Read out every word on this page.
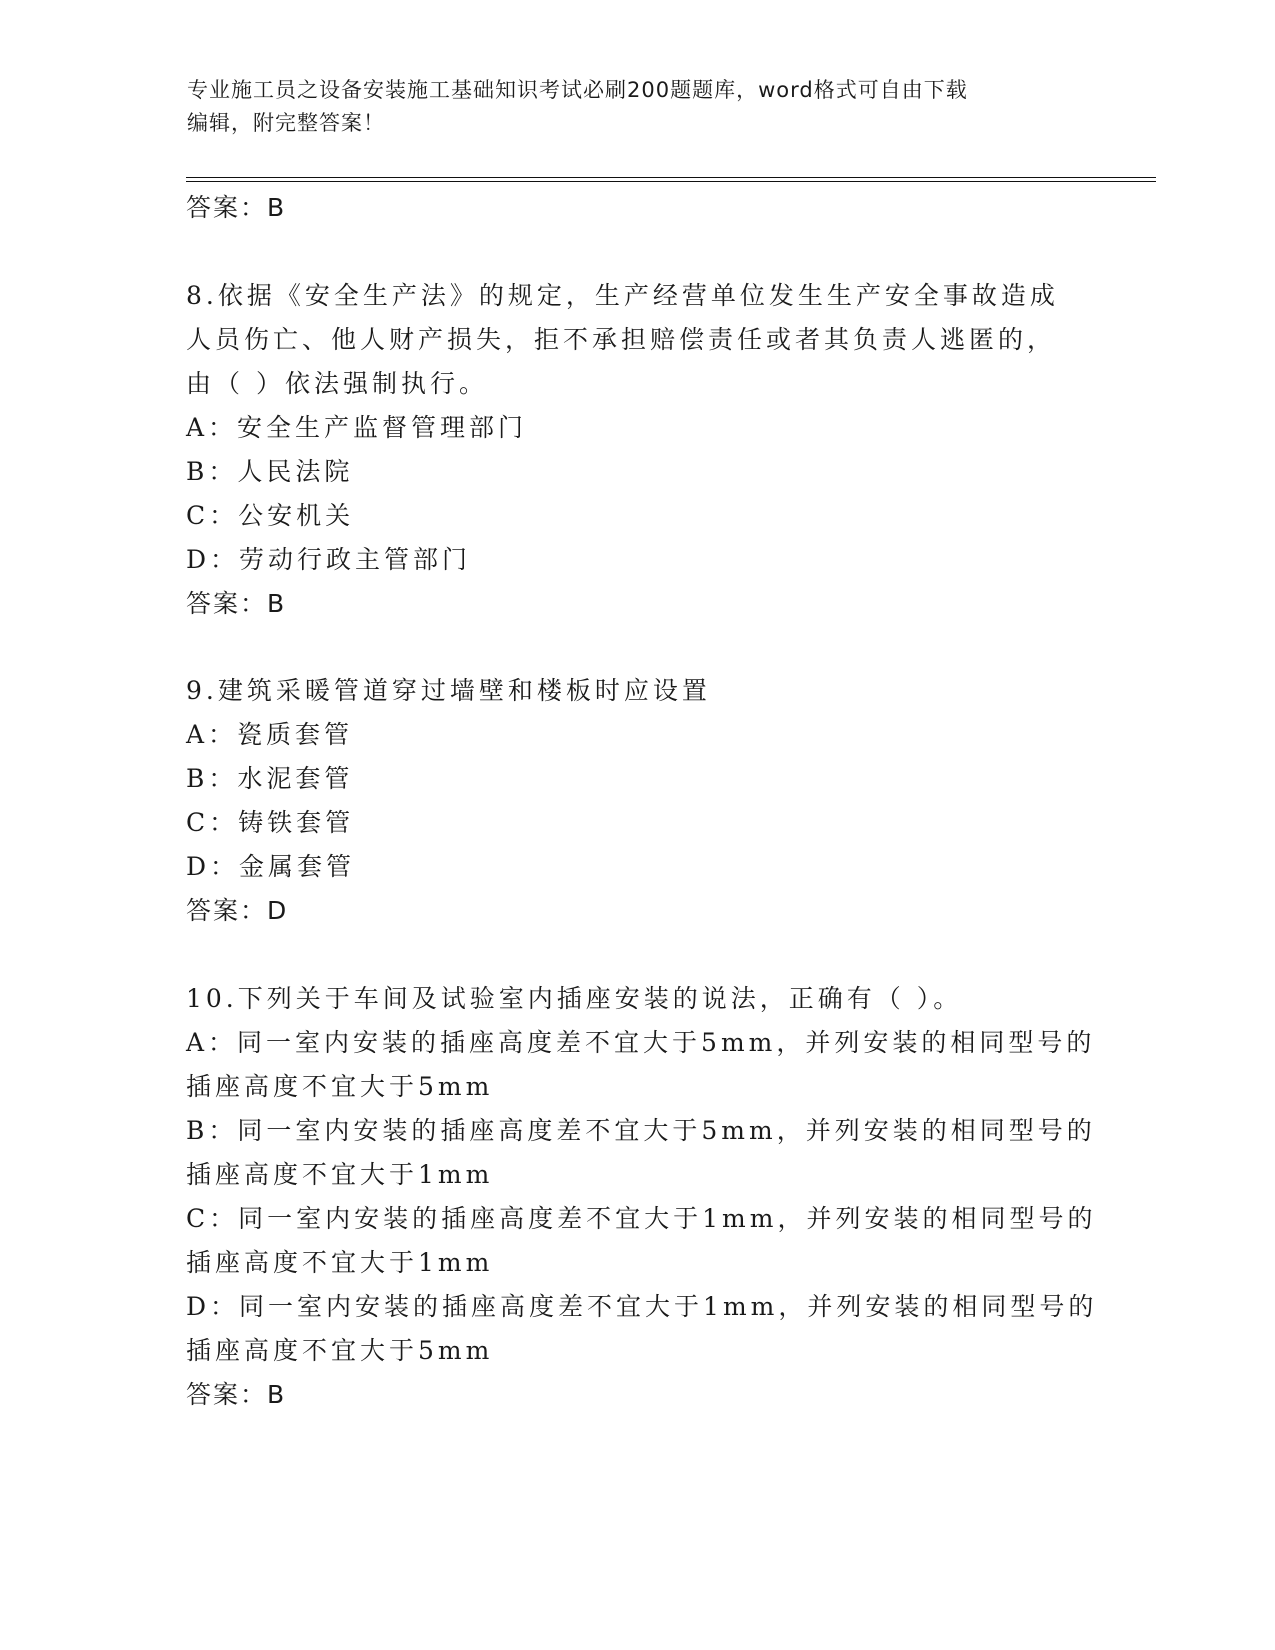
专业施工员之设备安装施工基础知识考试必刷200题题库，word格式可自由下载
编辑，附完整答案！
答案：B
8.依据《安全生产法》的规定，生产经营单位发生生产安全事故造成
人员伤亡、他人财产损失，拒不承担赔偿责任或者其负责人逃匿的，
由（ ）依法强制执行。
A：安全生产监督管理部门
B：人民法院
C：公安机关
D：劳动行政主管部门
答案：B
9.建筑采暖管道穿过墙壁和楼板时应设置
A：瓷质套管
B：水泥套管
C：铸铁套管
D：金属套管
答案：D
10.下列关于车间及试验室内插座安装的说法，正确有（ ）。
A：同一室内安装的插座高度差不宜大于5mm，并列安装的相同型号的
插座高度不宜大于5mm
B：同一室内安装的插座高度差不宜大于5mm，并列安装的相同型号的
插座高度不宜大于1mm
C：同一室内安装的插座高度差不宜大于1mm，并列安装的相同型号的
插座高度不宜大于1mm
D：同一室内安装的插座高度差不宜大于1mm，并列安装的相同型号的
插座高度不宜大于5mm
答案：B
